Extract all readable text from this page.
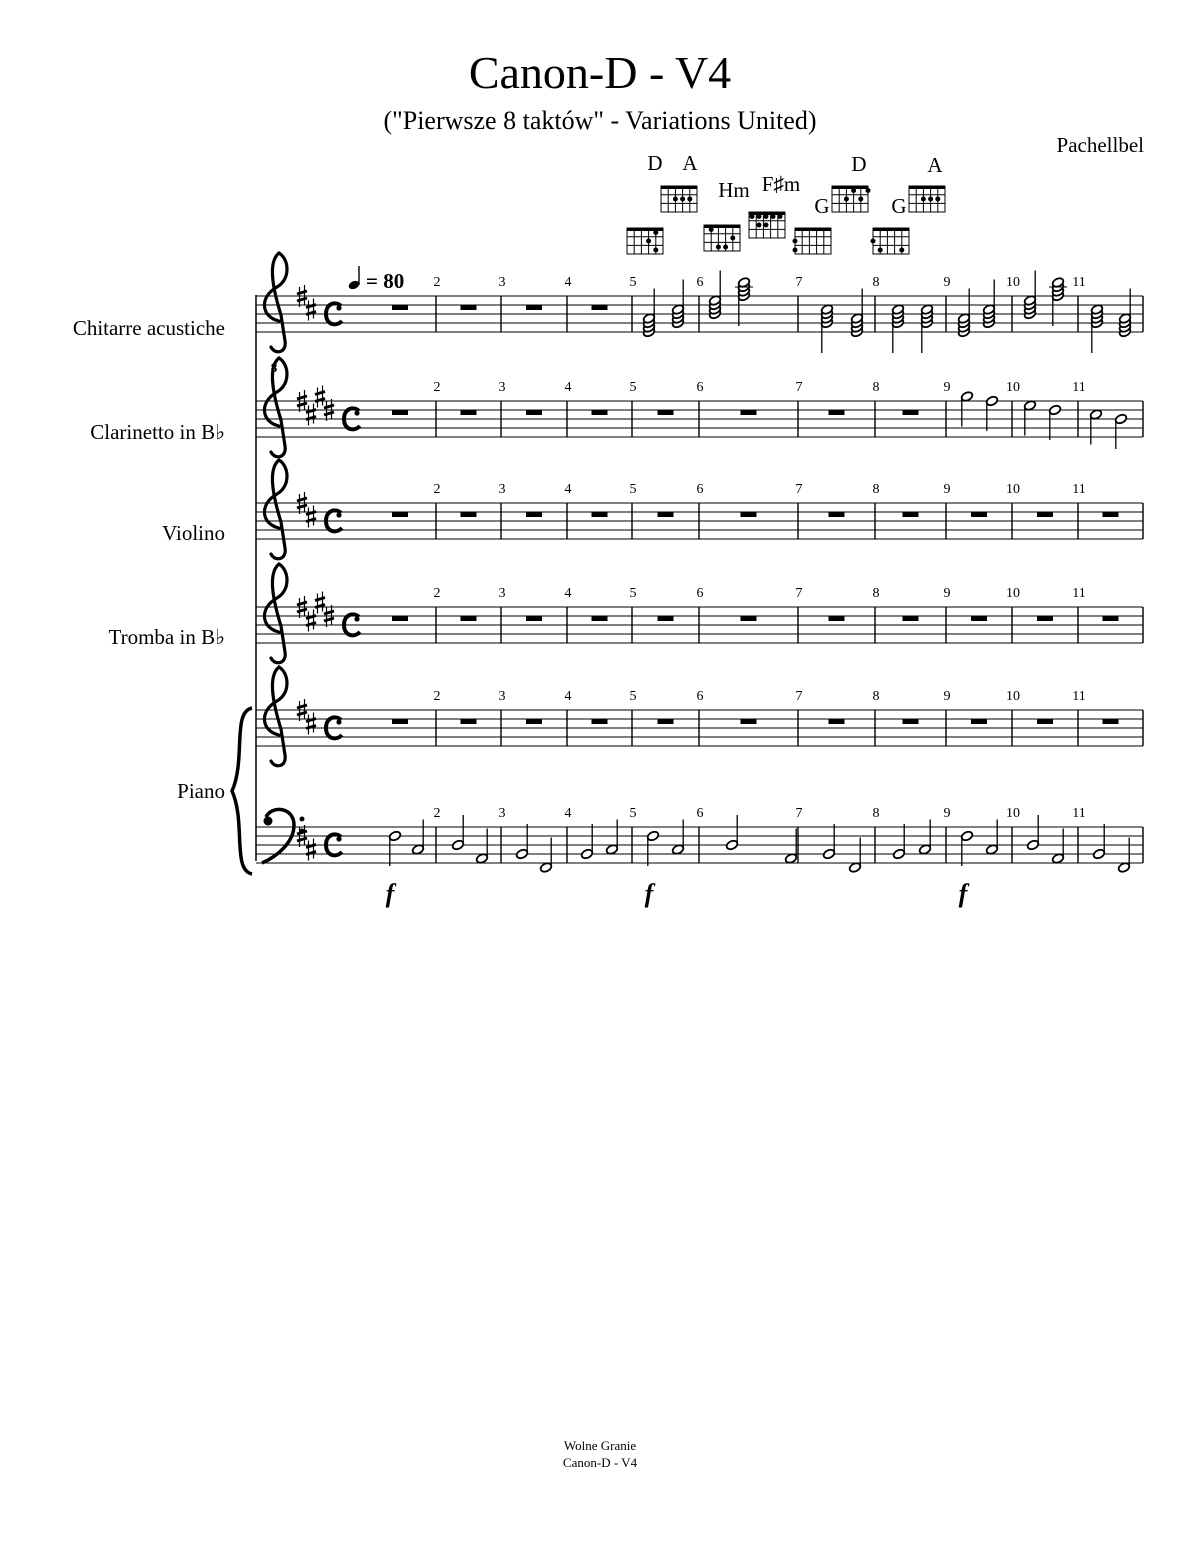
Canon-D - V4
("Pierwsze 8 taktów" - Variations United)
Pachellbel
D A
Hm F♯m
G
D
G
A
= 80
Chitarre acustiche
Clarinetto in B♭
Violino
Tromba in B♭
Piano
2	3	4	5	6	7	8	9	10	11
2	3	4	5	6	7	8	9	10	11
2	3	4	5	6	7	8	9	10	11
2	3	4	5	6	7	8	9	10	11
2	3	4	5	6	7	8	9	10	11
2	3	4	5	6	7	8	9	10	11
8
f	f	f
Wolne Granie
Canon-D - V4
